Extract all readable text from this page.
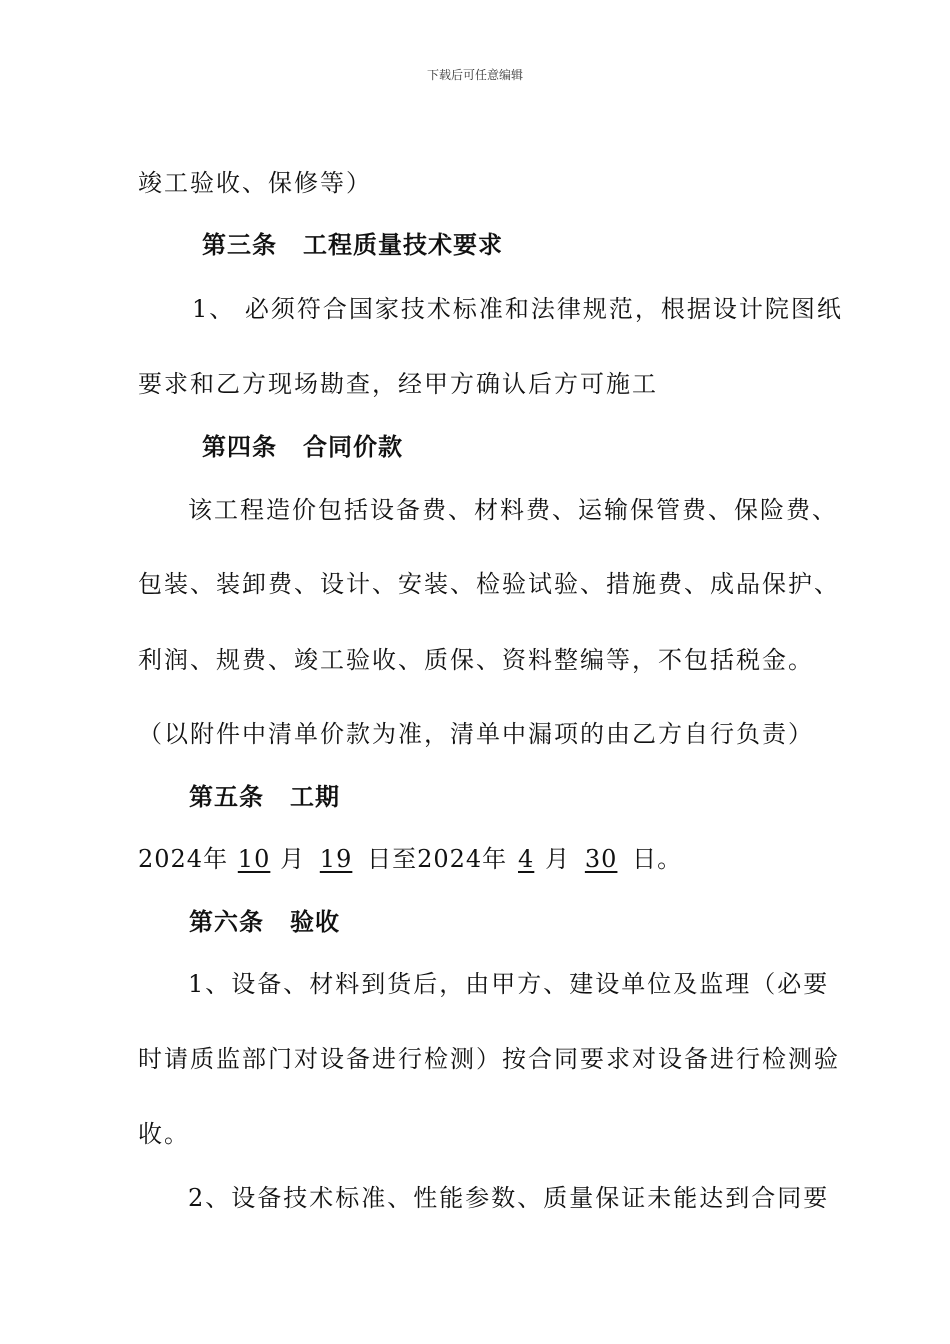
下载后可任意编辑
竣工验收、保修等）
第三条 工程质量技术要求
1、 必须符合国家技术标准和法律规范，根据设计院图纸
要求和乙方现场勘查，经甲方确认后方可施工
第四条 合同价款
该工程造价包括设备费、材料费、运输保管费、保险费、
包装、装卸费、设计、安装、检验试验、措施费、成品保护、
利润、规费、竣工验收、质保、资料整编等，不包括税金。
（以附件中清单价款为准，清单中漏项的由乙方自行负责）
第五条 工期
2024年 10 月 19 日至2024年 4 月 30 日。
第六条 验收
1、设备、材料到货后，由甲方、建设单位及监理（必要
时请质监部门对设备进行检测）按合同要求对设备进行检测验
收。
2、设备技术标准、性能参数、质量保证未能达到合同要
